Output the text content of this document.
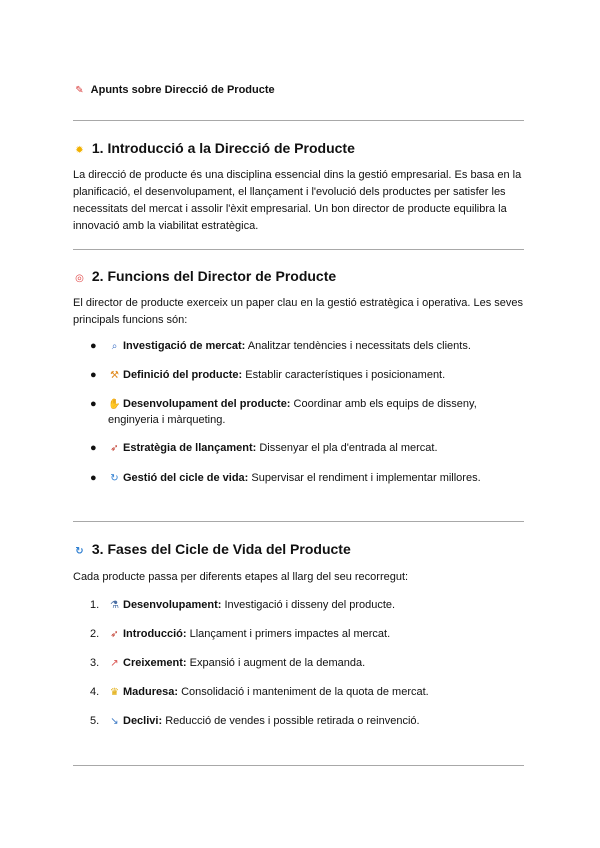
✎ Apunts sobre Direcció de Producte
✹ 1. Introducció a la Direcció de Producte
La direcció de producte és una disciplina essencial dins la gestió empresarial. Es basa en la planificació, el desenvolupament, el llançament i l'evolució dels productes per satisfer les necessitats del mercat i assolir l'èxit empresarial. Un bon director de producte equilibra la innovació amb la viabilitat estratègica.
◎ 2. Funcions del Director de Producte
El director de producte exerceix un paper clau en la gestió estratègica i operativa. Les seves principals funcions són:
●	⌕ Investigació de mercat: Analitzar tendències i necessitats dels clients.
●	⚒ Definició del producte: Establir característiques i posicionament.
●	✋ Desenvolupament del producte: Coordinar amb els equips de disseny, enginyeria i màrqueting.
●	➶ Estratègia de llançament: Dissenyar el pla d'entrada al mercat.
●	↻ Gestió del cicle de vida: Supervisar el rendiment i implementar millores.
↻ 3. Fases del Cicle de Vida del Producte
Cada producte passa per diferents etapes al llarg del seu recorregut:
1.	⚗ Desenvolupament: Investigació i disseny del producte.
2.	➶ Introducció: Llançament i primers impactes al mercat.
3.	↗ Creixement: Expansió i augment de la demanda.
4.	♛ Maduresa: Consolidació i manteniment de la quota de mercat.
5.	↘ Declivi: Reducció de vendes i possible retirada o reinvenció.
